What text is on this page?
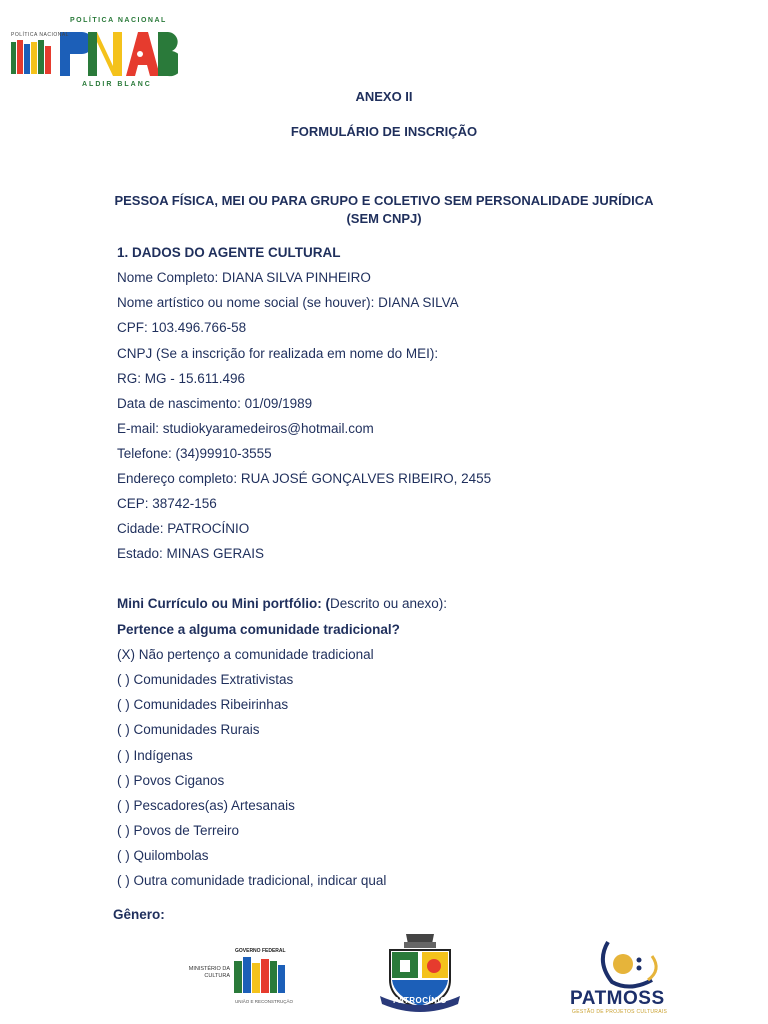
POLÍTICA NACIONAL
POLÍTICA NACIONAL
ALDIR BLANC
ANEXO II
FORMULÁRIO DE INSCRIÇÃO
PESSOA FÍSICA, MEI OU PARA GRUPO E COLETIVO SEM PERSONALIDADE JURÍDICA
(SEM CNPJ)
1. DADOS DO AGENTE CULTURAL
Nome Completo: DIANA SILVA PINHEIRO
Nome artístico ou nome social (se houver): DIANA SILVA
CPF: 103.496.766-58
CNPJ (Se a inscrição for realizada em nome do MEI):
RG: MG - 15.611.496
Data de nascimento: 01/09/1989
E-mail: studiokyaramedeiros@hotmail.com
Telefone: (34)99910-3555
Endereço completo: RUA JOSÉ GONÇALVES RIBEIRO, 2455
CEP: 38742-156
Cidade: PATROCÍNIO
Estado: MINAS GERAIS
Mini Currículo ou Mini portfólio: (Descrito ou anexo):
Pertence a alguma comunidade tradicional?
(X) Não pertenço a comunidade tradicional
( ) Comunidades Extrativistas
( ) Comunidades Ribeirinhas
( ) Comunidades Rurais
( ) Indígenas
( ) Povos Ciganos
( ) Pescadores(as) Artesanais
( ) Povos de Terreiro
( ) Quilombolas
( ) Outra comunidade tradicional, indicar qual
Gênero:
MINISTÉRIO DA CULTURA
GOVERNO FEDERAL
UNIÃO E RECONSTRUÇÃO	PATROCÍNIO	PATMOSS
GESTÃO DE PROJETOS CULTURAIS
